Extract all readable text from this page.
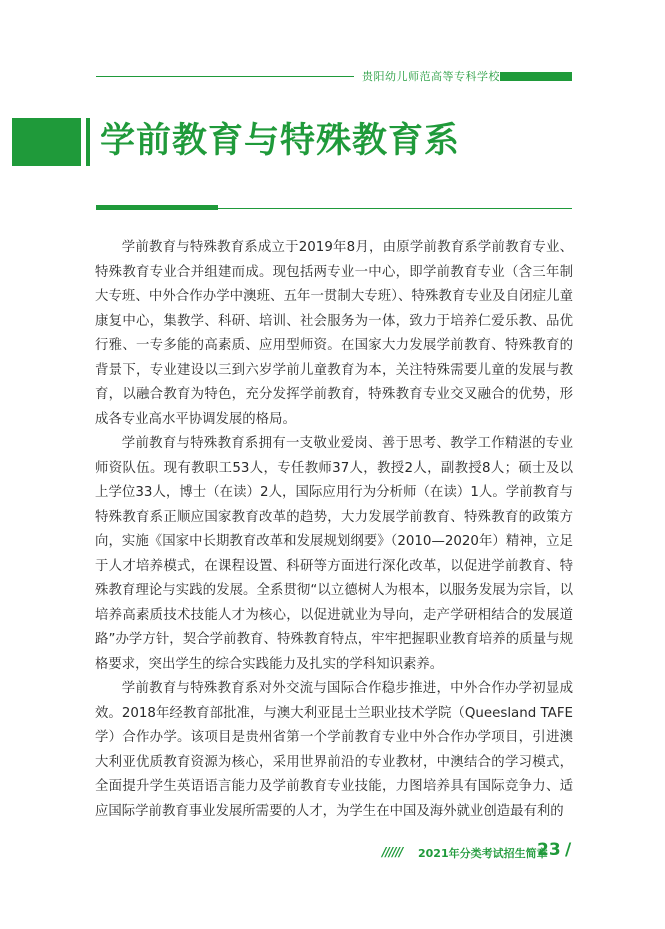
贵阳幼儿师范高等专科学校
学前教育与特殊教育系

学前教育与特殊教育系成立于2019年8月，由原学前教育系学前教育专业、特殊教育专业合并组建而成。现包括两专业一中心，即学前教育专业（含三年制大专班、中外合作办学中澳班、五年一贯制大专班）、特殊教育专业及自闭症儿童康复中心，集教学、科研、培训、社会服务为一体，致力于培养仁爱乐教、品优行雅、一专多能的高素质、应用型师资。在国家大力发展学前教育、特殊教育的背景下，专业建设以三到六岁学前儿童教育为本，关注特殊需要儿童的发展与教育，以融合教育为特色，充分发挥学前教育，特殊教育专业交叉融合的优势，形成各专业高水平协调发展的格局。

学前教育与特殊教育系拥有一支敬业爱岗、善于思考、教学工作精湛的专业师资队伍。现有教职工53人，专任教师37人，教授2人，副教授8人；硕士及以上学位33人，博士（在读）2人，国际应用行为分析师（在读）1人。学前教育与特殊教育系正顺应国家教育改革的趋势，大力发展学前教育、特殊教育的政策方向，实施《国家中长期教育改革和发展规划纲要》（2010—2020年）精神，立足于人才培养模式，在课程设置、科研等方面进行深化改革，以促进学前教育、特殊教育理论与实践的发展。全系贯彻“以立德树人为根本，以服务发展为宗旨，以培养高素质技术技能人才为核心，以促进就业为导向，走产学研相结合的发展道路”办学方针，契合学前教育、特殊教育特点，牢牢把握职业教育培养的质量与规格要求，突出学生的综合实践能力及扎实的学科知识素养。

学前教育与特殊教育系对外交流与国际合作稳步推进，中外合作办学初显成效。2018年经教育部批准，与澳大利亚昆士兰职业技术学院（Queesland TAFE学）合作办学。该项目是贵州省第一个学前教育专业中外合作办学项目，引进澳大利亚优质教育资源为核心，采用世界前沿的专业教材，中澳结合的学习模式，全面提升学生英语语言能力及学前教育专业技能，力图培养具有国际竞争力、适应国际学前教育事业发展所需要的人才，为学生在中国及海外就业创造最有利的

////// 2021年分类考试招生简章
23 /
